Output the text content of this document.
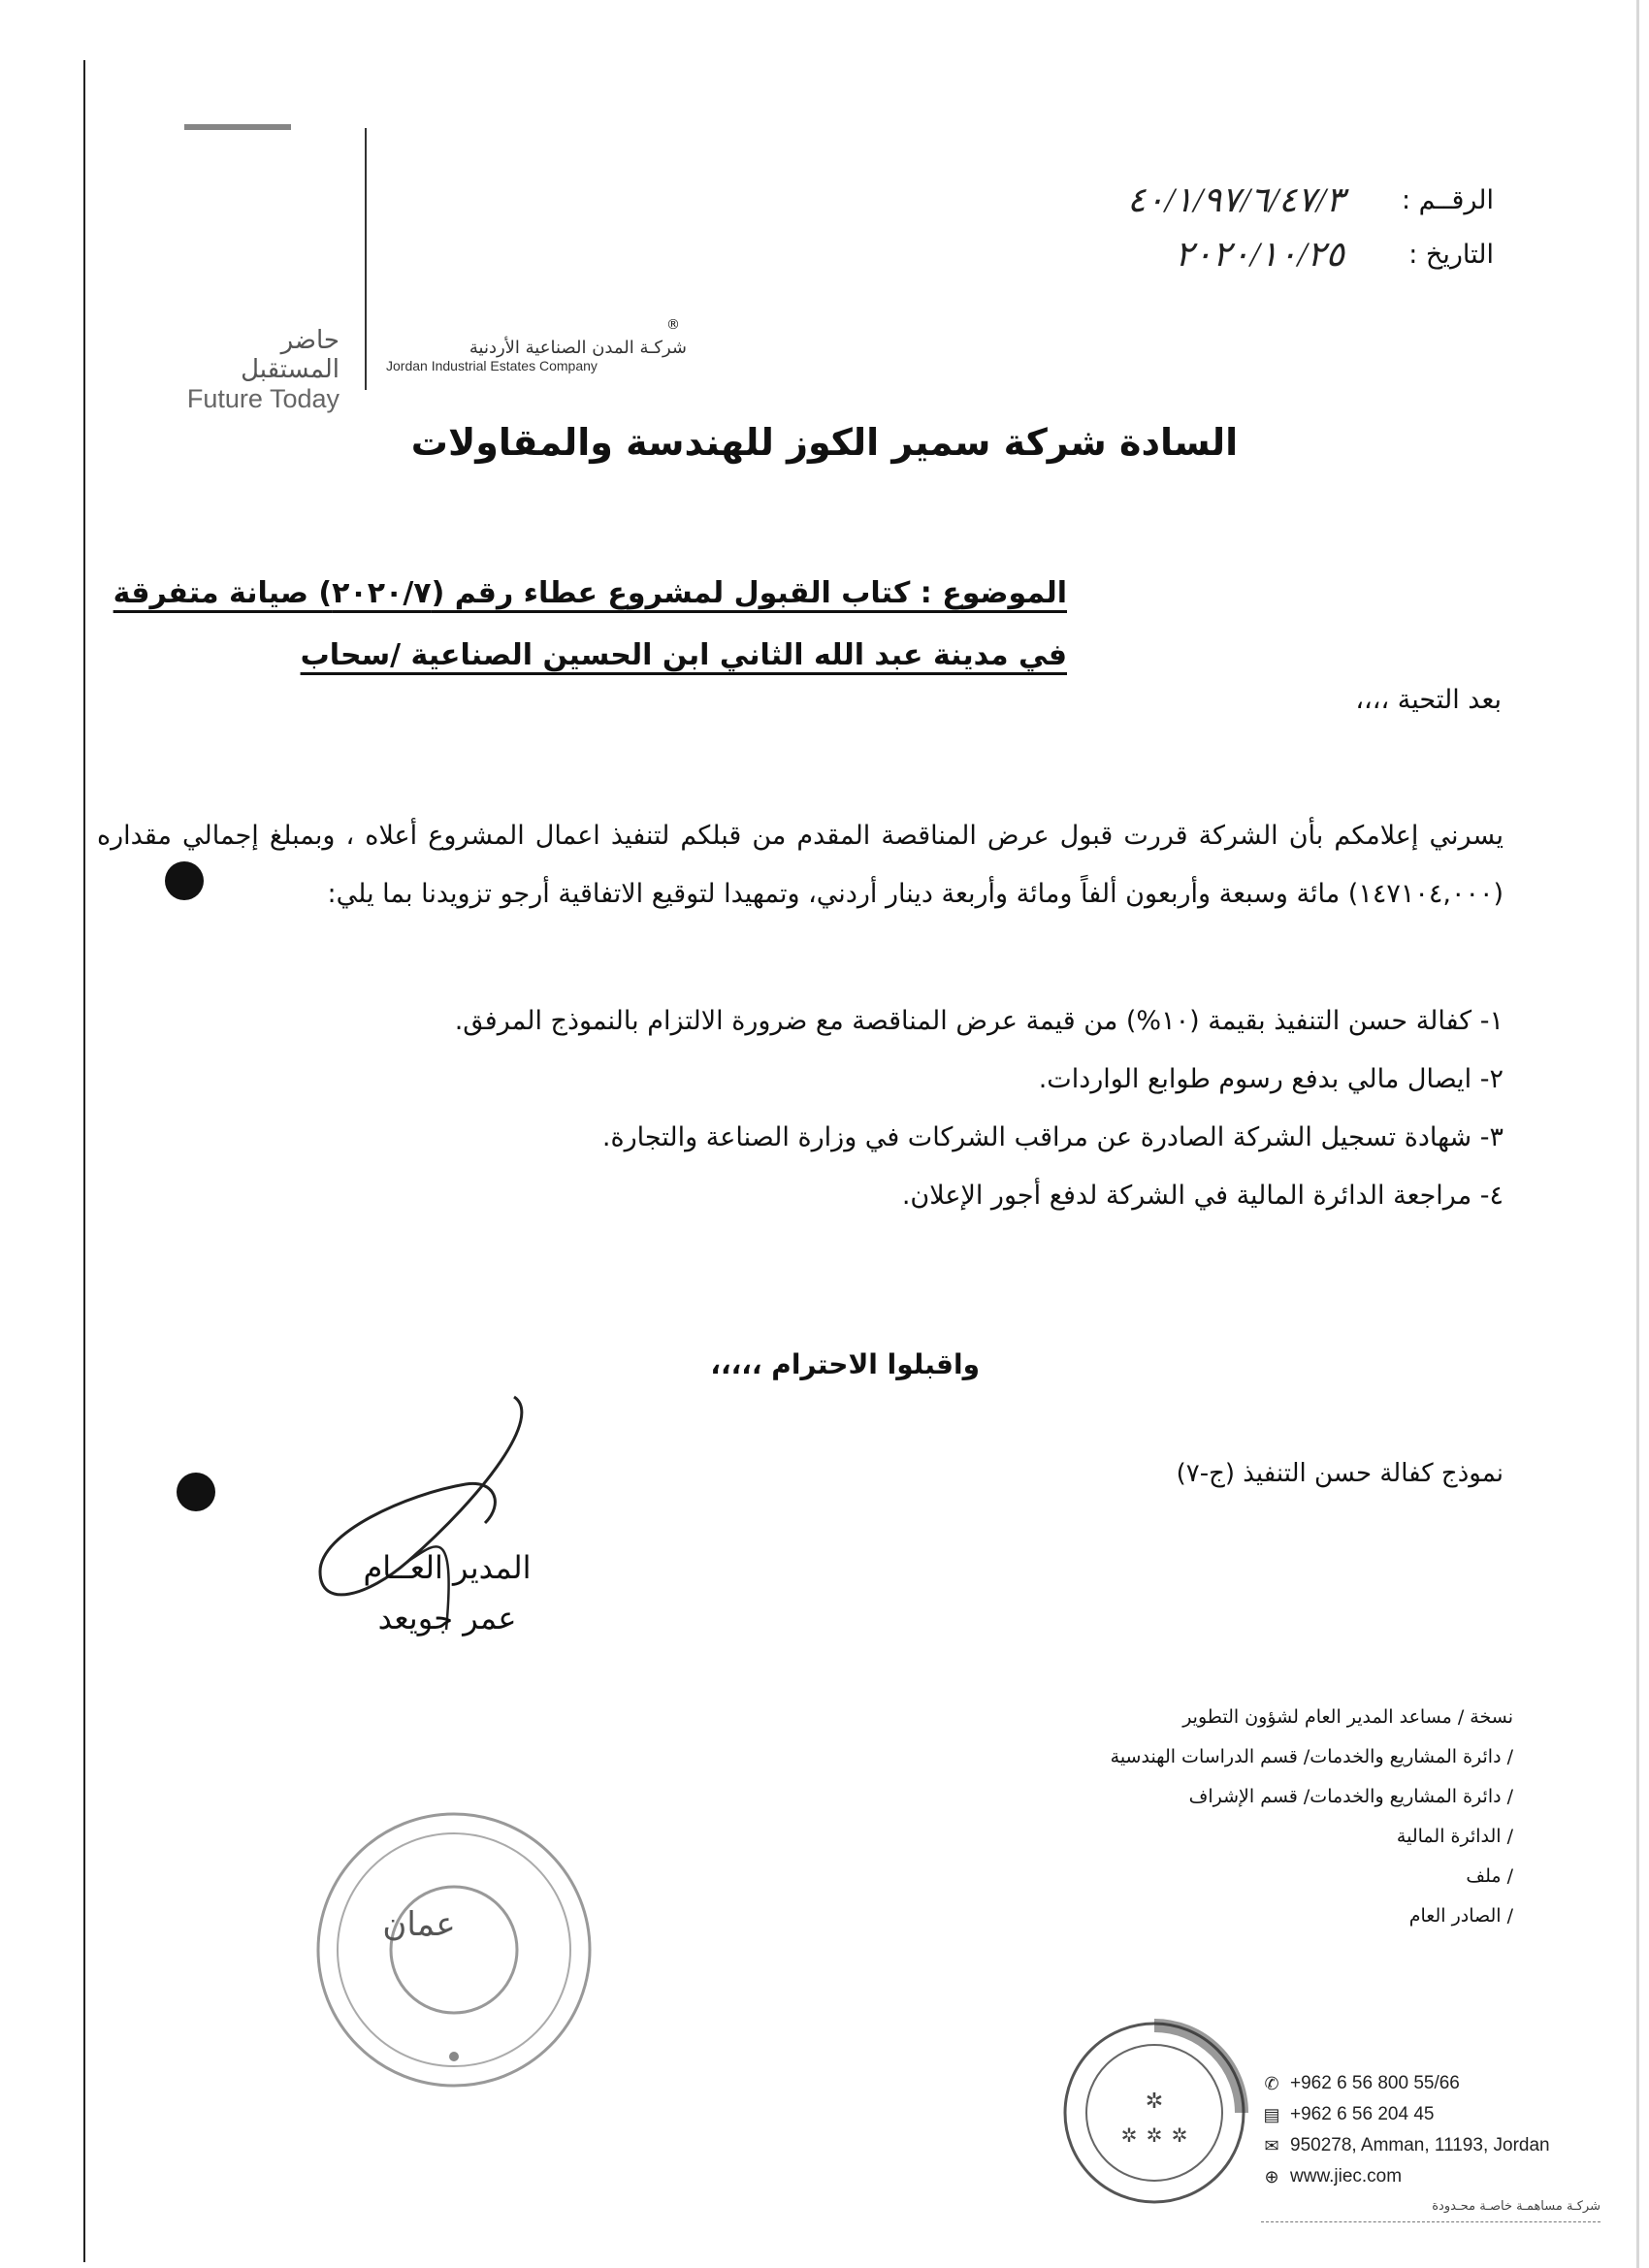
حاضر المستقبل
Future Today
®
شركـة المدن الصناعية الأردنية
Jordan Industrial Estates Company
الرقــم :
٤٠/١/٩٧/٦/٤٧/٣
التاريخ :
٢٠٢٠/١٠/٢٥
السادة شركة سمير الكوز للهندسة والمقاولات
الموضوع : كتاب القبول لمشروع عطاء رقم (٢٠٢٠/٧) صيانة متفرقة
في مدينة عبد الله الثاني ابن الحسين الصناعية /سحاب
بعد التحية ،،،،
يسرني إعلامكم بأن الشركة قررت قبول عرض المناقصة المقدم من قبلكم لتنفيذ اعمال المشروع أعلاه ، وبمبلغ إجمالي مقداره (١٤٧١٠٤,٠٠٠) مائة وسبعة وأربعون ألفاً ومائة وأربعة دينار أردني، وتمهيدا لتوقيع الاتفاقية أرجو تزويدنا بما يلي:
١- كفالة حسن التنفيذ بقيمة (١٠%) من قيمة عرض المناقصة مع ضرورة الالتزام بالنموذج المرفق.
٢- ايصال مالي بدفع رسوم طوابع الواردات.
٣- شهادة تسجيل الشركة الصادرة عن مراقب الشركات في وزارة الصناعة والتجارة.
٤- مراجعة الدائرة المالية في الشركة لدفع أجور الإعلان.
واقبلوا الاحترام ،،،،،
نموذج كفالة حسن التنفيذ (ج-٧)
المدير العــام
عمر جويعد
نسخة / مساعد المدير العام لشؤون التطوير
/ دائرة المشاريع والخدمات/ قسم الدراسات الهندسية
/ دائرة المشاريع والخدمات/ قسم الإشراف
/ الدائرة المالية
/ ملف
/ الصادر العام
عمان
✲
✲ ✲ ✲
✆ +962 6 56 800 55/66
▤ +962 6 56 204 45
✉ 950278, Amman, 11193, Jordan
⊕ www.jiec.com
شركـة مساهمـة خاصـة محـدودة
